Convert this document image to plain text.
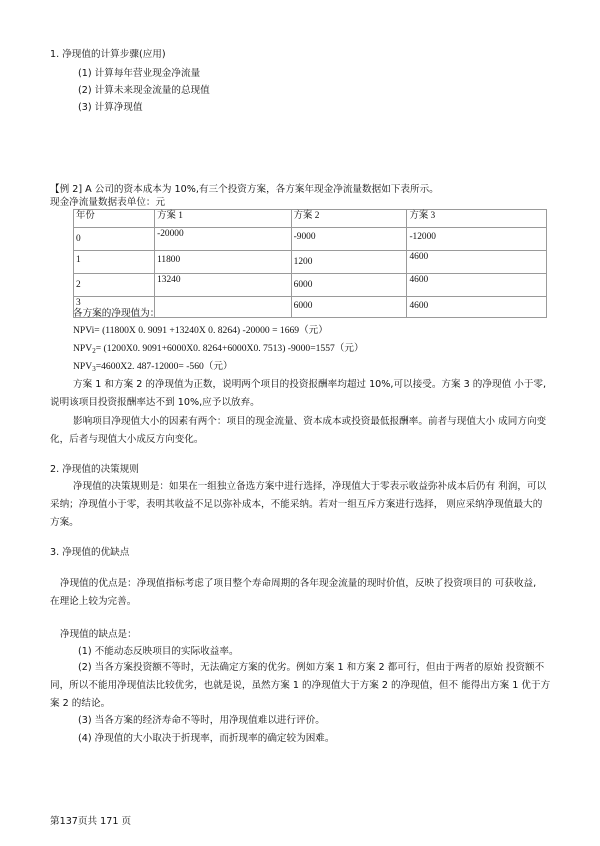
1. 净现值的计算步骤(应用)
(1) 计算每年营业现金净流量
(2) 计算未来现金流量的总现值
(3) 计算净现值
【例 2] A 公司的资本成本为 10%,有三个投资方案，各方案年现金净流量数据如下表所示。
现金净流量数据表单位：元
年份	方案 1	方案 2	方案 3
0	-20000	-9000	-12000
1	11800	1200	4600
2	13240	6000	4600
3		6000	4600
各方案的净现值为：
NPVi= (11800X 0. 9091 +13240X 0. 8264) -20000 = 1669（元）
$NPV_2= (1200X0$. 9091+6000X0. 8264+6000X0. 7513) -9000=1557（元）
$NPV_3=4600X2$. 487-12000= -560（元）
方案 1 和方案 2 的净现值为正数，说明两个项目的投资报酬率均超过 10%,可以接受。方案 3 的净现值 小于零,
说明该项目投资报酬率达不到 10%,应予以放弃。
影响项目净现值大小的因素有两个：项目的现金流量、资本成本或投资最低报酬率。前者与现值大小 成同方向变
化，后者与现值大小成反方向变化。
2. 净现值的决策规则
净现值的决策规则是：如果在一组独立备选方案中进行选择，净现值大于零表示收益弥补成本后仍有 利润，可以
采纳；净现值小于零，表明其收益不足以弥补成本，不能采纳。若对一组互斥方案进行选择， 则应采纳净现值最大的
方案。
3. 净现值的优缺点
净现值的优点是：净现值指标考虑了项目整个寿命周期的各年现金流量的现时价值，反映了投资项目的 可获收益,
在理论上较为完善。
净现值的缺点是：
(1) 不能动态反映项目的实际收益率。
(2) 当各方案投资额不等时，无法确定方案的优劣。例如方案 1 和方案 2 都可行，但由于两者的原始 投资额不
同，所以不能用净现值法比较优劣，也就是说，虽然方案 1 的净现值大于方案 2 的净现值，但不 能得出方案 1 优于方
案 2 的结论。
(3) 当各方案的经济寿命不等时，用净现值难以进行评价。
(4) 净现值的大小取决于折现率，而折现率的确定较为困难。
第137页共 171 页
